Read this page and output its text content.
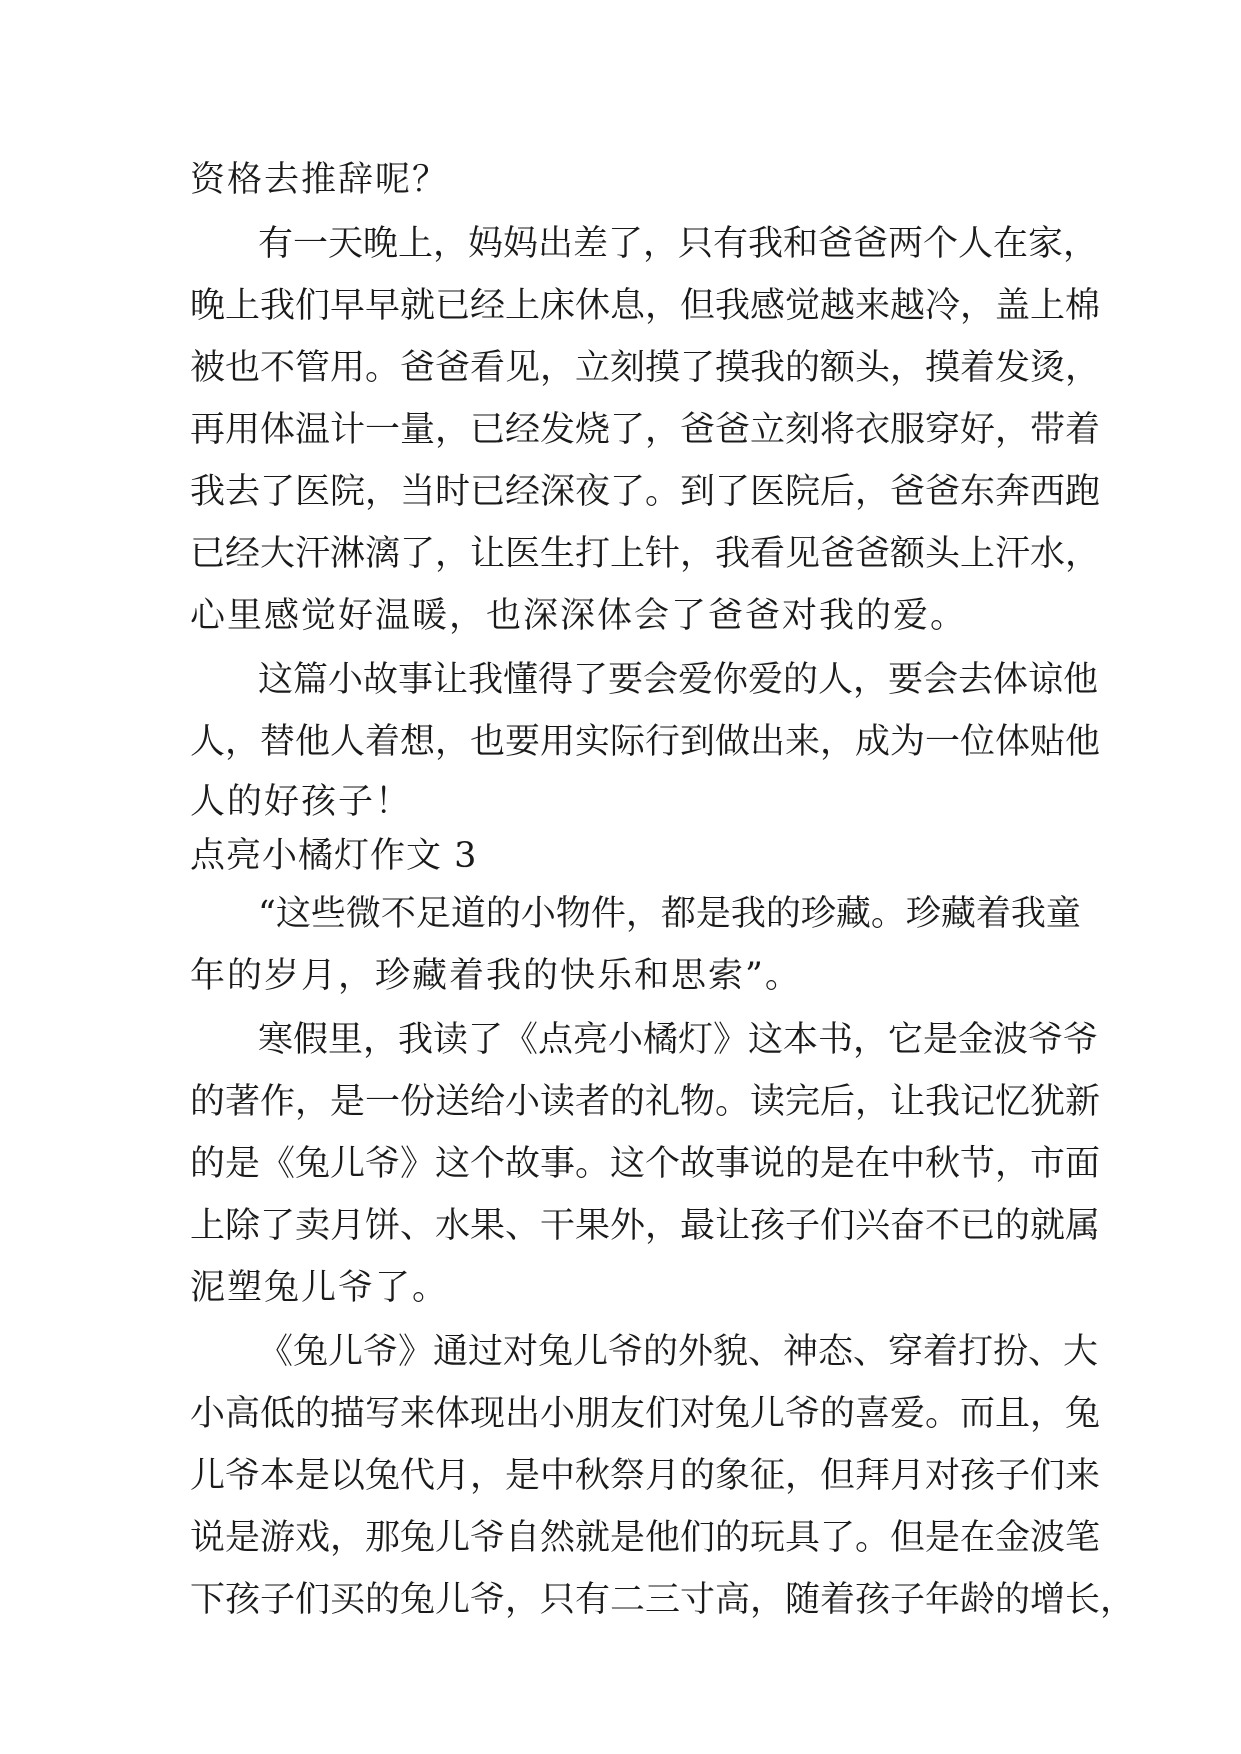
资格去推辞呢？
有一天晚上，妈妈出差了，只有我和爸爸两个人在家，
晚上我们早早就已经上床休息，但我感觉越来越冷，盖上棉
被也不管用。爸爸看见，立刻摸了摸我的额头，摸着发烫，
再用体温计一量，已经发烧了，爸爸立刻将衣服穿好，带着
我去了医院，当时已经深夜了。到了医院后，爸爸东奔西跑
已经大汗淋漓了，让医生打上针，我看见爸爸额头上汗水，
心里感觉好温暖，也深深体会了爸爸对我的爱。
这篇小故事让我懂得了要会爱你爱的人，要会去体谅他
人，替他人着想，也要用实际行到做出来，成为一位体贴他
人的好孩子！
点亮小橘灯作文 3
“这些微不足道的小物件，都是我的珍藏。珍藏着我童
年的岁月，珍藏着我的快乐和思索”。
寒假里，我读了《点亮小橘灯》这本书，它是金波爷爷
的著作，是一份送给小读者的礼物。读完后，让我记忆犹新
的是《兔儿爷》这个故事。这个故事说的是在中秋节，市面
上除了卖月饼、水果、干果外，最让孩子们兴奋不已的就属
泥塑兔儿爷了。
《兔儿爷》通过对兔儿爷的外貌、神态、穿着打扮、大
小高低的描写来体现出小朋友们对兔儿爷的喜爱。而且，兔
儿爷本是以兔代月，是中秋祭月的象征，但拜月对孩子们来
说是游戏，那兔儿爷自然就是他们的玩具了。但是在金波笔
下孩子们买的兔儿爷，只有二三寸高，随着孩子年龄的增长，
